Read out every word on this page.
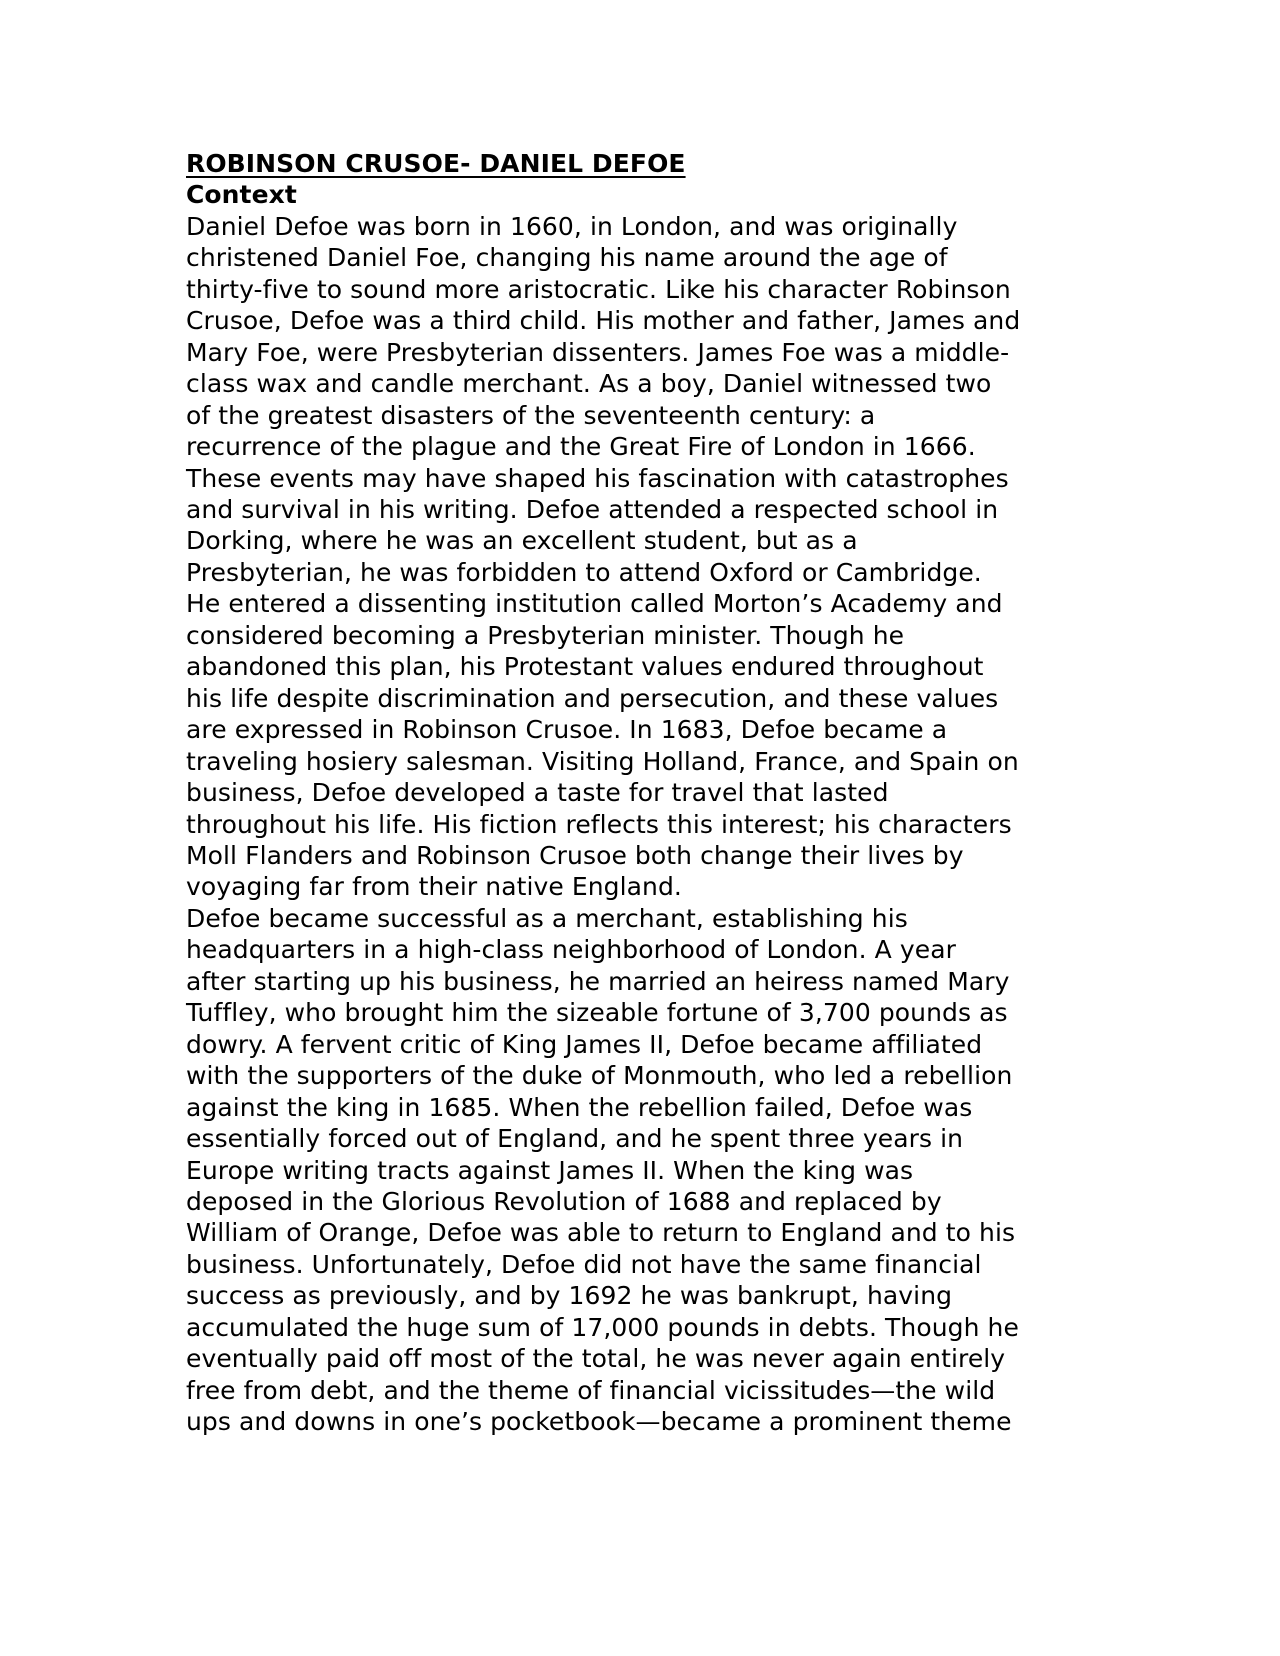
ROBINSON CRUSOE- DANIEL DEFOE
Context
Daniel Defoe was born in 1660, in London, and was originally
christened Daniel Foe, changing his name around the age of
thirty-five to sound more aristocratic. Like his character Robinson
Crusoe, Defoe was a third child. His mother and father, James and
Mary Foe, were Presbyterian dissenters. James Foe was a middle-
class wax and candle merchant. As a boy, Daniel witnessed two
of the greatest disasters of the seventeenth century: a
recurrence of the plague and the Great Fire of London in 1666.
These events may have shaped his fascination with catastrophes
and survival in his writing. Defoe attended a respected school in
Dorking, where he was an excellent student, but as a
Presbyterian, he was forbidden to attend Oxford or Cambridge.
He entered a dissenting institution called Morton’s Academy and
considered becoming a Presbyterian minister. Though he
abandoned this plan, his Protestant values endured throughout
his life despite discrimination and persecution, and these values
are expressed in Robinson Crusoe. In 1683, Defoe became a
traveling hosiery salesman. Visiting Holland, France, and Spain on
business, Defoe developed a taste for travel that lasted
throughout his life. His fiction reflects this interest; his characters
Moll Flanders and Robinson Crusoe both change their lives by
voyaging far from their native England.
Defoe became successful as a merchant, establishing his
headquarters in a high-class neighborhood of London. A year
after starting up his business, he married an heiress named Mary
Tuffley, who brought him the sizeable fortune of 3,700 pounds as
dowry. A fervent critic of King James II, Defoe became affiliated
with the supporters of the duke of Monmouth, who led a rebellion
against the king in 1685. When the rebellion failed, Defoe was
essentially forced out of England, and he spent three years in
Europe writing tracts against James II. When the king was
deposed in the Glorious Revolution of 1688 and replaced by
William of Orange, Defoe was able to return to England and to his
business. Unfortunately, Defoe did not have the same financial
success as previously, and by 1692 he was bankrupt, having
accumulated the huge sum of 17,000 pounds in debts. Though he
eventually paid off most of the total, he was never again entirely
free from debt, and the theme of financial vicissitudes—the wild
ups and downs in one’s pocketbook—became a prominent theme
